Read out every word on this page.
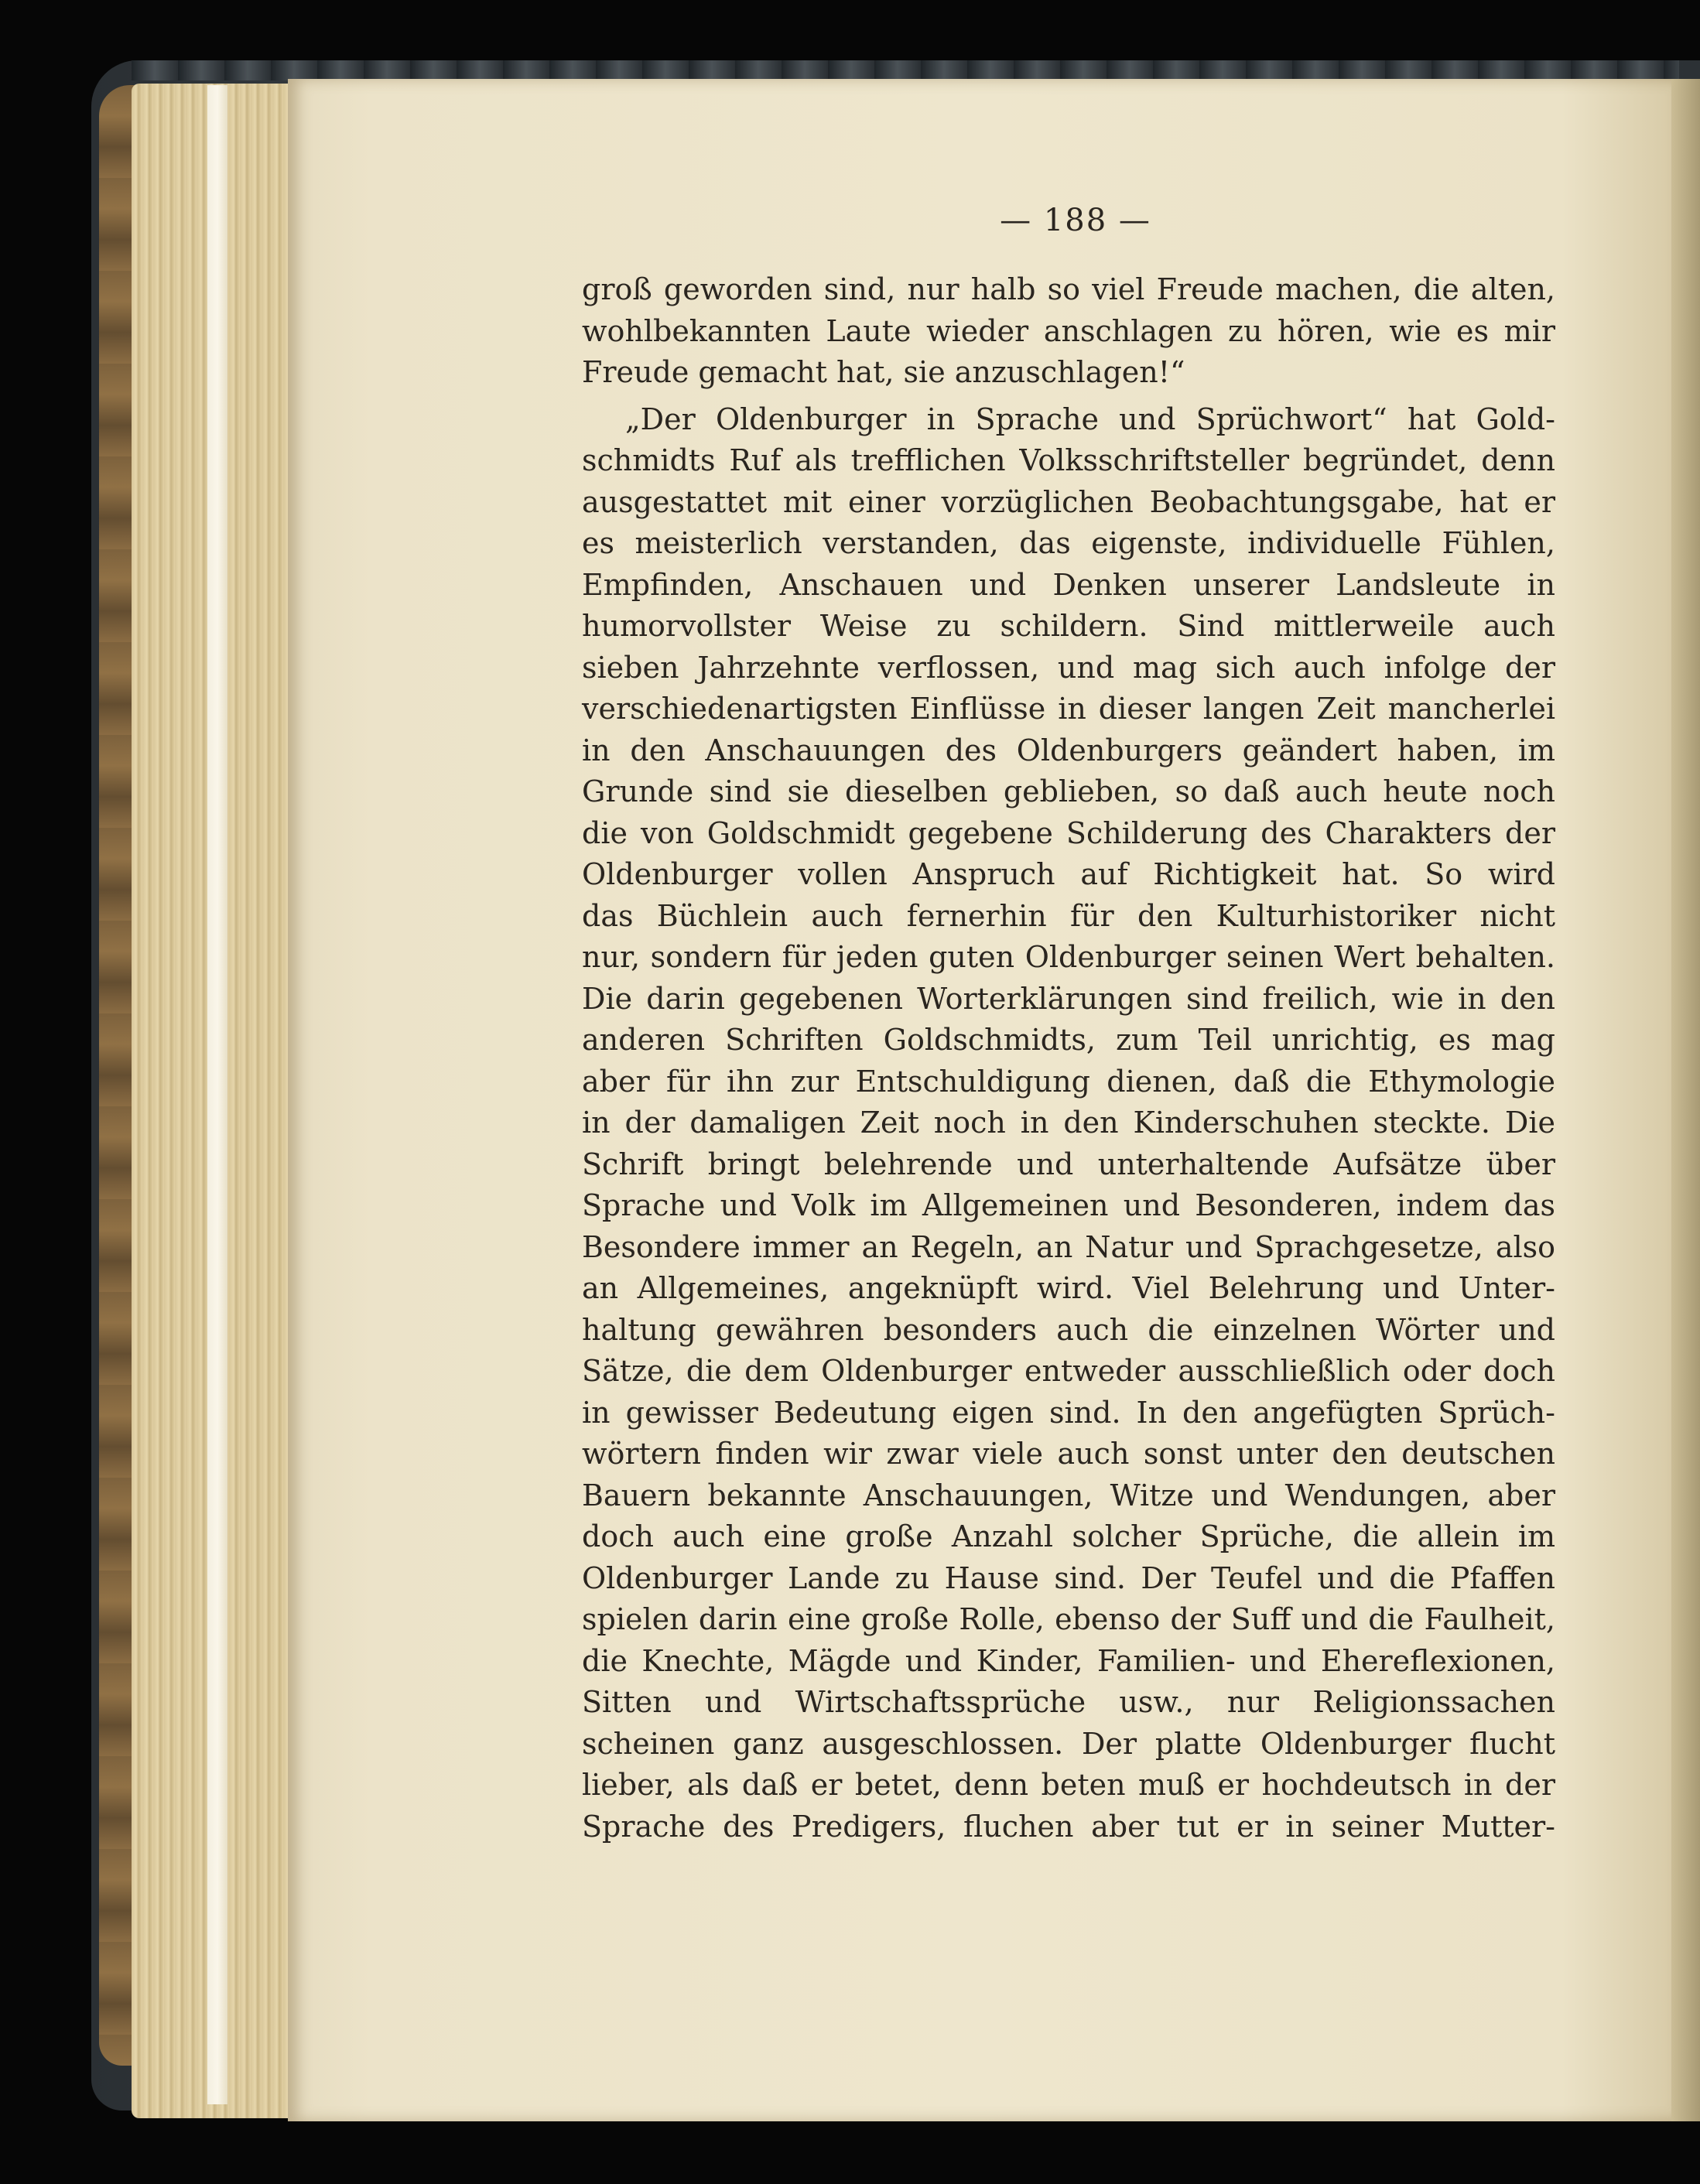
— 188 —
groß geworden sind, nur halb so viel Freude machen, die alten,
wohlbekannten Laute wieder anschlagen zu hören, wie es mir
Freude gemacht hat, sie anzuschlagen!“
„Der Oldenburger in Sprache und Sprüchwort“ hat Gold-
schmidts Ruf als trefflichen Volksschriftsteller begründet, denn
ausgestattet mit einer vorzüglichen Beobachtungsgabe, hat er
es meisterlich verstanden, das eigenste, individuelle Fühlen,
Empfinden, Anschauen und Denken unserer Landsleute in
humorvollster Weise zu schildern. Sind mittlerweile auch
sieben Jahrzehnte verflossen, und mag sich auch infolge der
verschiedenartigsten Einflüsse in dieser langen Zeit mancherlei
in den Anschauungen des Oldenburgers geändert haben, im
Grunde sind sie dieselben geblieben, so daß auch heute noch
die von Goldschmidt gegebene Schilderung des Charakters der
Oldenburger vollen Anspruch auf Richtigkeit hat. So wird
das Büchlein auch fernerhin für den Kulturhistoriker nicht
nur, sondern für jeden guten Oldenburger seinen Wert behalten.
Die darin gegebenen Worterklärungen sind freilich, wie in den
anderen Schriften Goldschmidts, zum Teil unrichtig, es mag
aber für ihn zur Entschuldigung dienen, daß die Ethymologie
in der damaligen Zeit noch in den Kinderschuhen steckte. Die
Schrift bringt belehrende und unterhaltende Aufsätze über
Sprache und Volk im Allgemeinen und Besonderen, indem das
Besondere immer an Regeln, an Natur und Sprachgesetze, also
an Allgemeines, angeknüpft wird. Viel Belehrung und Unter-
haltung gewähren besonders auch die einzelnen Wörter und
Sätze, die dem Oldenburger entweder ausschließlich oder doch
in gewisser Bedeutung eigen sind. In den angefügten Sprüch-
wörtern finden wir zwar viele auch sonst unter den deutschen
Bauern bekannte Anschauungen, Witze und Wendungen, aber
doch auch eine große Anzahl solcher Sprüche, die allein im
Oldenburger Lande zu Hause sind. Der Teufel und die Pfaffen
spielen darin eine große Rolle, ebenso der Suff und die Faulheit,
die Knechte, Mägde und Kinder, Familien- und Ehereflexionen,
Sitten und Wirtschaftssprüche usw., nur Religionssachen
scheinen ganz ausgeschlossen. Der platte Oldenburger flucht
lieber, als daß er betet, denn beten muß er hochdeutsch in der
Sprache des Predigers, fluchen aber tut er in seiner Mutter-
